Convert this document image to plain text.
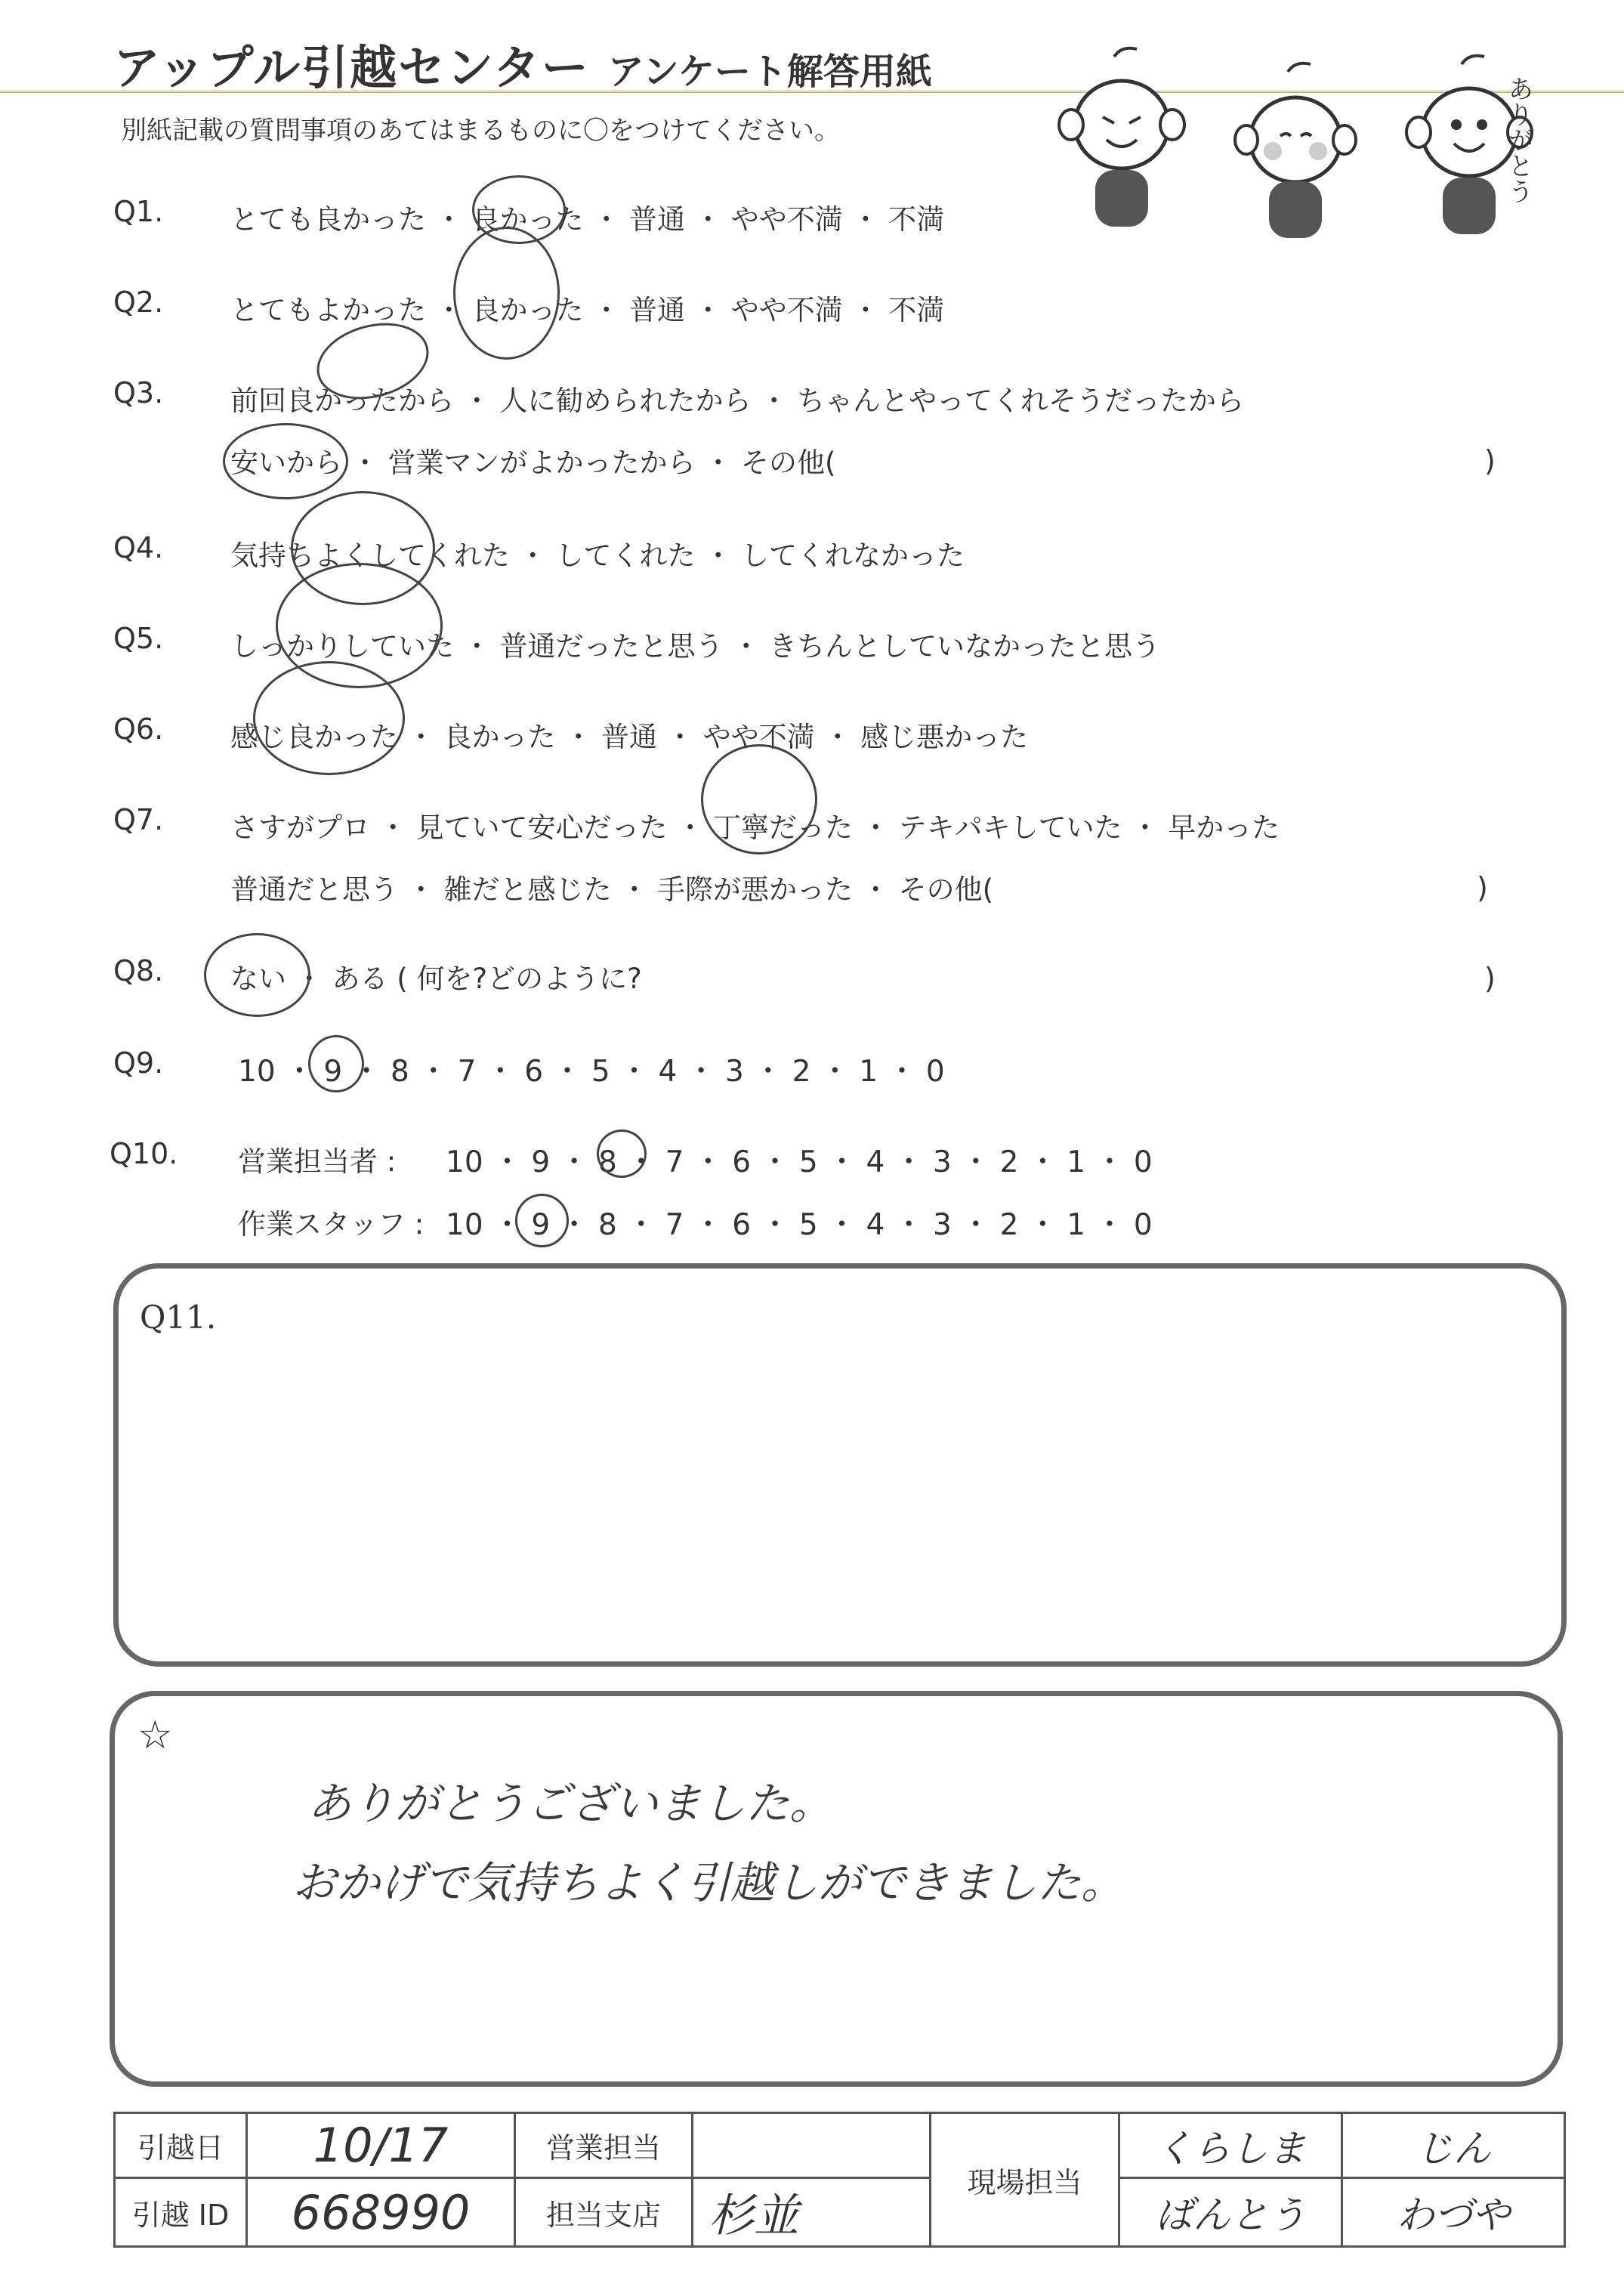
アップル引越センター アンケート解答用紙
別紙記載の質問事項のあてはまるものに〇をつけてください。	ありがとう
Q1. とても良かった ・ 良かった ・ 普通 ・ やや不満 ・ 不満
Q2. とてもよかった ・ 良かった ・ 普通 ・ やや不満 ・ 不満
Q3. 前回良かったから ・ 人に勧められたから ・ ちゃんとやってくれそうだったから
安いから ・ 営業マンがよかったから ・ その他(	)
Q4. 気持ちよくしてくれた ・ してくれた ・ してくれなかった
Q5. しっかりしていた ・ 普通だったと思う ・ きちんとしていなかったと思う
Q6. 感じ良かった ・ 良かった ・ 普通 ・ やや不満 ・ 感じ悪かった
Q7. さすがプロ ・ 見ていて安心だった ・ 丁寧だった ・ テキパキしていた ・ 早かった
普通だと思う ・ 雑だと感じた ・ 手際が悪かった ・ その他(	)
Q8. ない ・ ある ( 何を?どのように?	)
Q9.	10 ・ 9 ・ 8 ・ 7 ・ 6 ・ 5 ・ 4 ・ 3 ・ 2 ・ 1 ・ 0
Q10. 営業担当者 : 10 ・ 9 ・ 8 ・ 7 ・ 6 ・ 5 ・ 4 ・ 3 ・ 2 ・ 1 ・ 0
作業スタッフ : 10 ・ 9 ・ 8 ・ 7 ・ 6 ・ 5 ・ 4 ・ 3 ・ 2 ・ 1 ・ 0
Q11.
☆
ありがとうございました。
おかげで気持ちよく引越しができました。
引越日	10/17	営業担当		現場担当	くらしま	じん
引越 ID	668990	担当支店	杉並		ばんとう	わづや
